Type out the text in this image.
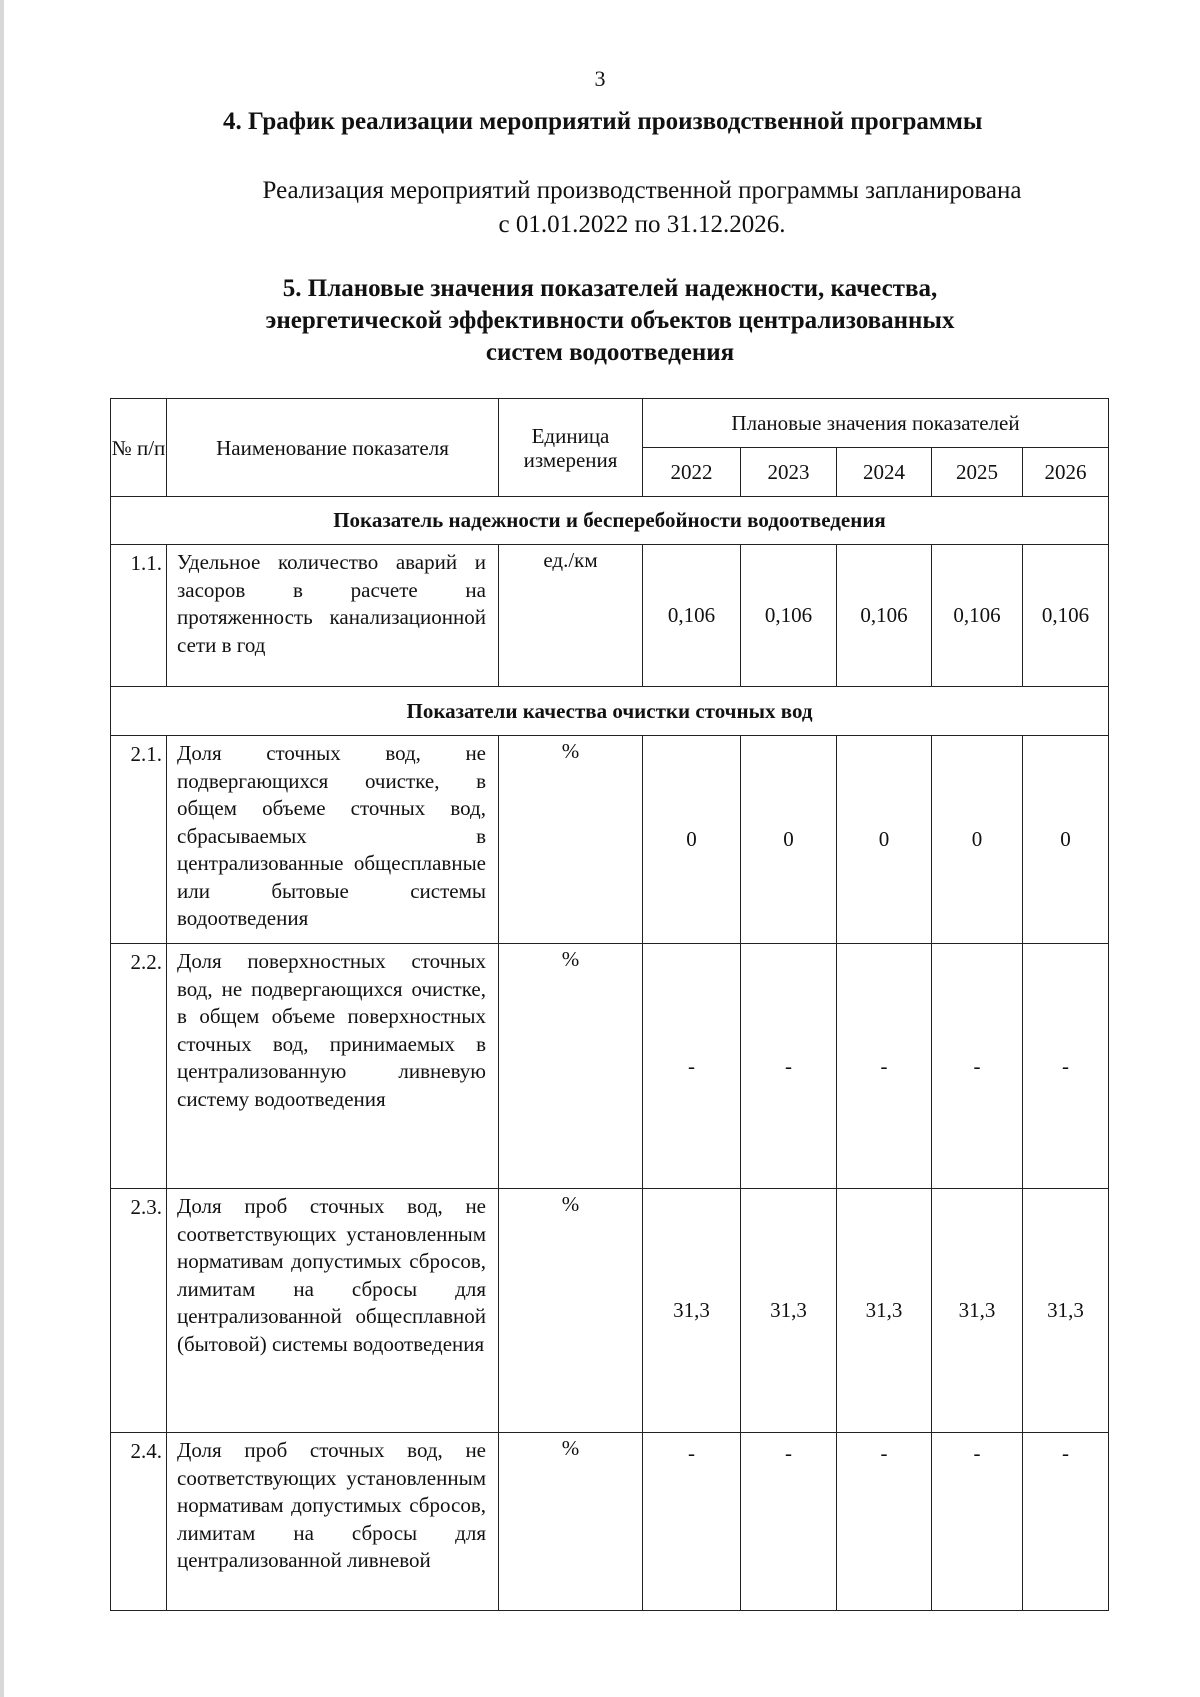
3
4. График реализации мероприятий производственной программы
Реализация мероприятий производственной программы запланирована
с 01.01.2022 по 31.12.2026.
5. Плановые значения показателей надежности, качества,
энергетической эффективности объектов централизованных
систем водоотведения
№ п/п	Наименование показателя	Единица измерения	Плановые значения показателей				
			2022	2023	2024	2025	2026
Показатель надежности и бесперебойности водоотведения							
1.1.	Удельное количество аварий и засоров в расчете на протяженность канализационной сети в год	ед./км	0,106	0,106	0,106	0,106	0,106
Показатели качества очистки сточных вод							
2.1.	Доля сточных вод, не подвергающихся очистке, в общем объеме сточных вод, сбрасываемых в централизованные общесплавные или бытовые системы водоотведения	%	0	0	0	0	0
2.2.	Доля поверхностных сточных вод, не подвергающихся очистке, в общем объеме поверхностных сточных вод, принимаемых в централизованную ливневую систему водоотведения	%	-	-	-	-	-
2.3.	Доля проб сточных вод, не соответствующих установленным нормативам допустимых сбросов, лимитам на сбросы для централизованной общесплавной (бытовой) системы водоотведения	%	31,3	31,3	31,3	31,3	31,3
2.4.	Доля проб сточных вод, не соответствующих установленным нормативам допустимых сбросов, лимитам на сбросы для централизованной ливневой	%	-	-	-	-	-
